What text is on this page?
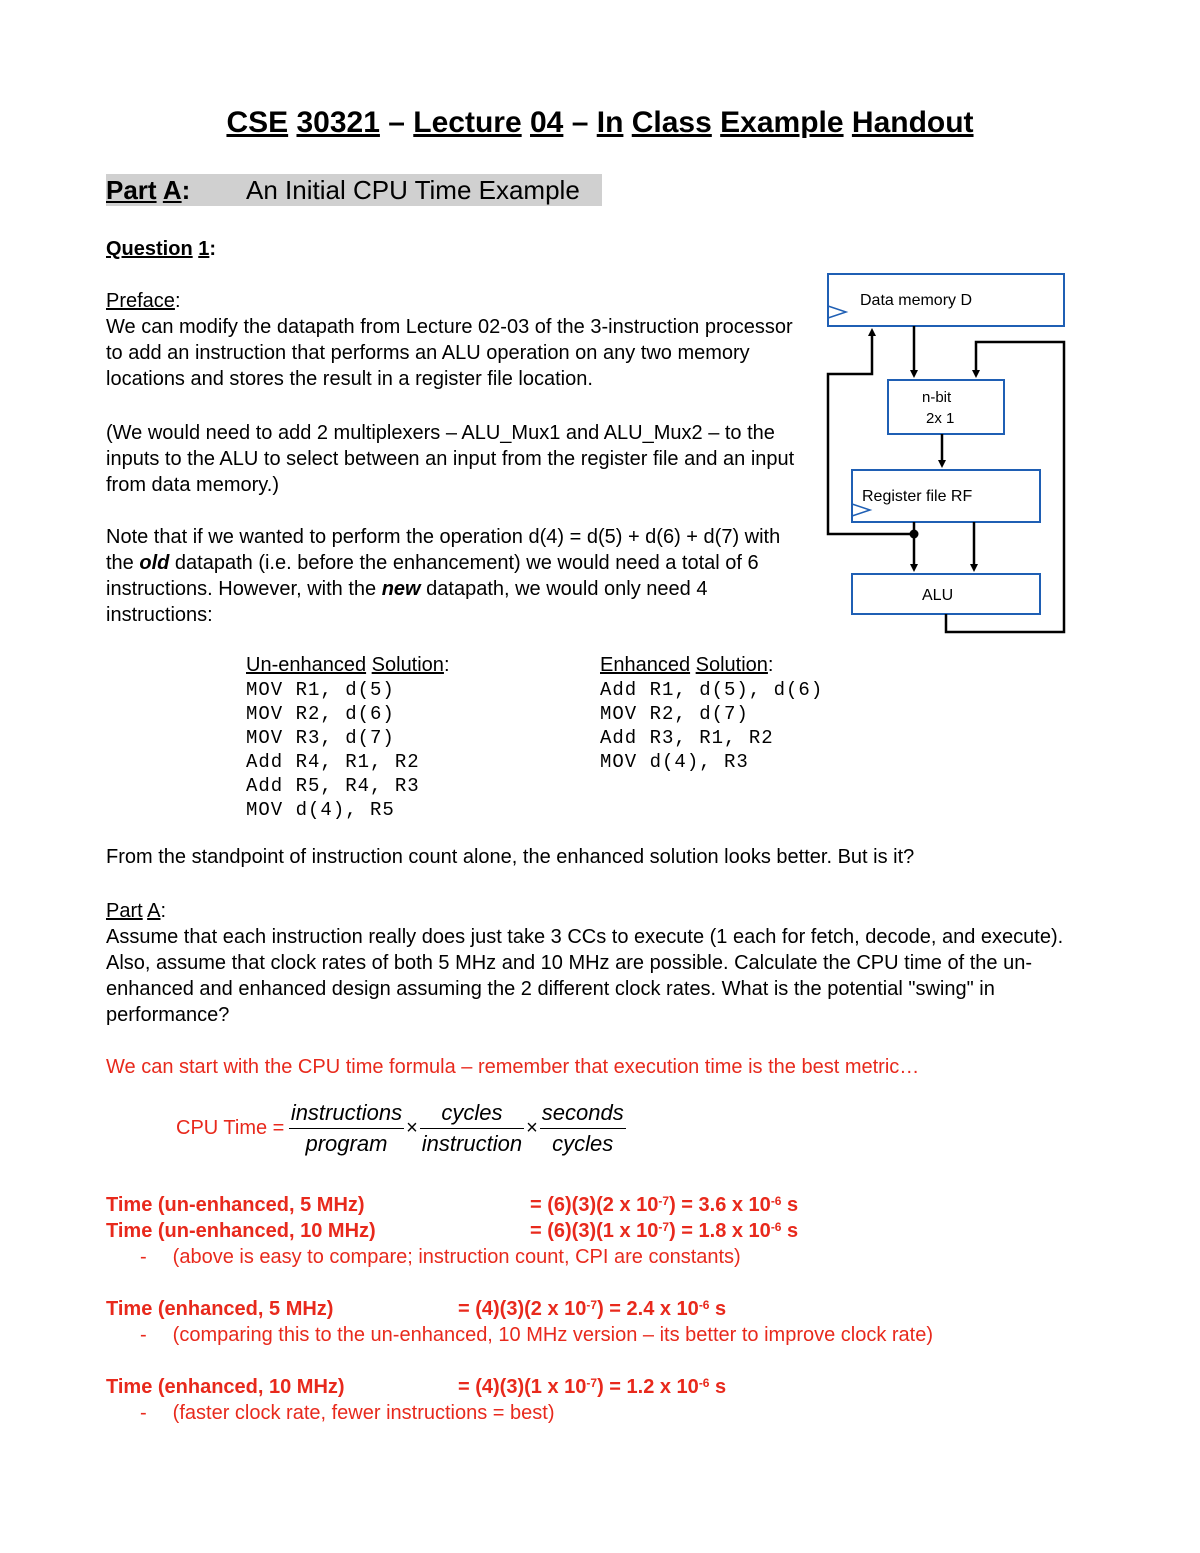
CSE 30321 – Lecture 04 – In Class Example Handout
Part A: An Initial CPU Time Example
Question 1:
Preface:
We can modify the datapath from Lecture 02-03 of the 3-instruction processor to add an instruction that performs an ALU operation on any two memory locations and stores the result in a register file location.
(We would need to add 2 multiplexers – ALU_Mux1 and ALU_Mux2 – to the inputs to the ALU to select between an input from the register file and an input from data memory.)
Note that if we wanted to perform the operation d(4) = d(5) + d(6) + d(7) with the old datapath (i.e. before the enhancement) we would need a total of 6 instructions. However, with the new datapath, we would only need 4 instructions:
Data memory D
n-bit
2x 1
Register file RF
ALU
Un-enhanced Solution:
MOV R1, d(5)
MOV R2, d(6)
MOV R3, d(7)
Add R4, R1, R2
Add R5, R4, R3
MOV d(4), R5
Enhanced Solution:
Add R1, d(5), d(6)
MOV R2, d(7)
Add R3, R1, R2
MOV d(4), R3
From the standpoint of instruction count alone, the enhanced solution looks better. But is it?
Part A:
Assume that each instruction really does just take 3 CCs to execute (1 each for fetch, decode, and execute). Also, assume that clock rates of both 5 MHz and 10 MHz are possible. Calculate the CPU time of the un-enhanced and enhanced design assuming the 2 different clock rates. What is the potential "swing" in performance?
We can start with the CPU time formula – remember that execution time is the best metric…
CPU Time = $\frac{\text{instructions}}{\text{program}} \times \frac{\text{cycles}}{\text{instruction}} \times \frac{\text{seconds}}{\text{cycles}}$
Time (un-enhanced, 5 MHz)	= (6)(3)(2 x $10^{-7}) = 3.6$ x $10^{-6}$ s
Time (un-enhanced, 10 MHz)	= (6)(3)(1 x $10^{-7}) = 1.8$ x $10^{-6}$ s
- (above is easy to compare; instruction count, CPI are constants)
Time (enhanced, 5 MHz)	= (4)(3)(2 x $10^{-7}) = 2.4$ x $10^{-6}$ s
- (comparing this to the un-enhanced, 10 MHz version – its better to improve clock rate)
Time (enhanced, 10 MHz)	= (4)(3)(1 x $10^{-7}) = 1.2$ x $10^{-6}$ s
- (faster clock rate, fewer instructions = best)
